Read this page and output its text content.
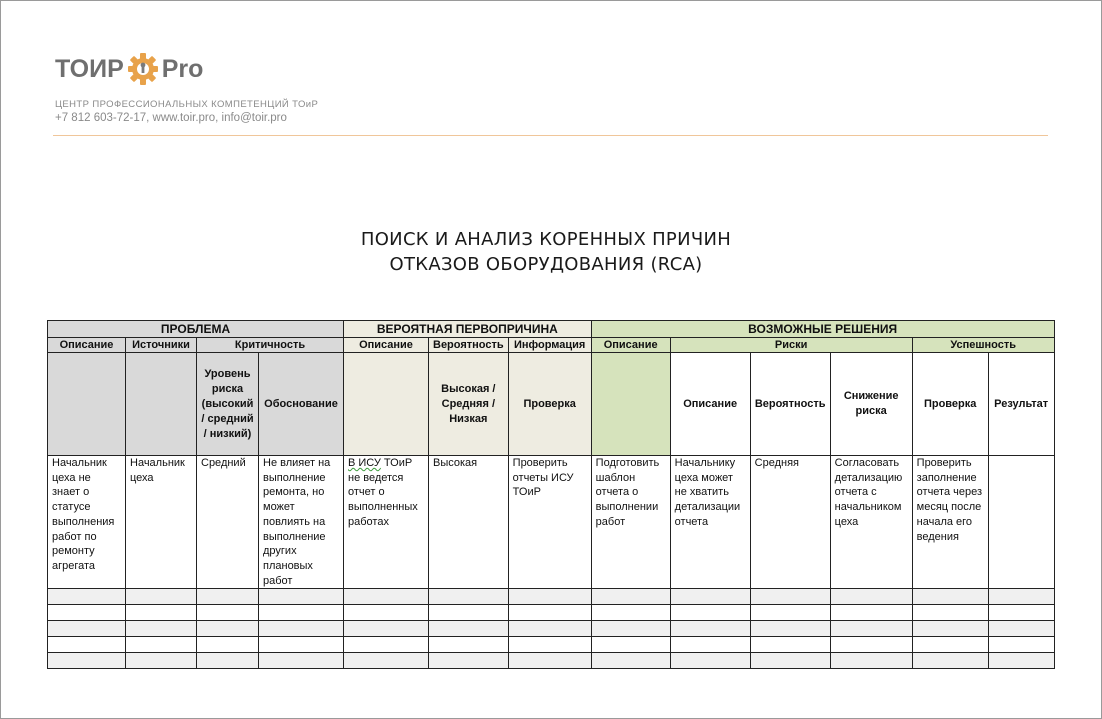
ТОИР Pro
ЦЕНТР ПРОФЕССИОНАЛЬНЫХ КОМПЕТЕНЦИЙ ТОиР
+7 812 603-72-17, www.toir.pro, info@toir.pro
ПОИСК И АНАЛИЗ КОРЕННЫХ ПРИЧИН
ОТКАЗОВ ОБОРУДОВАНИЯ (RCA)
ПРОБЛЕМА				ВЕРОЯТНАЯ ПЕРВОПРИЧИНА			ВОЗМОЖНЫЕ РЕШЕНИЯ					
Описание	Источники	Критичность		Описание	Вероятность	Информация	Описание	Риски			Успешность	
		Уровень риска (высокий / средний / низкий)	Обоснование		Высокая / Средняя / Низкая	Проверка		Описание	Вероятность	Снижение риска	Проверка	Результат
Начальник цеха не знает о статусе выполнения работ по ремонту агрегата	Начальник цеха	Средний	Не влияет на выполнение ремонта, но может повлиять на выполнение других плановых работ	В ИСУ ТОиР не ведется отчет о выполненных работах	Высокая	Проверить отчеты ИСУ ТОиР	Подготовить шаблон отчета о выполнении работ	Начальнику цеха может не хватить детализации отчета	Средняя	Согласовать детализацию отчета с начальником цеха	Проверить заполнение отчета через месяц после начала его ведения	
